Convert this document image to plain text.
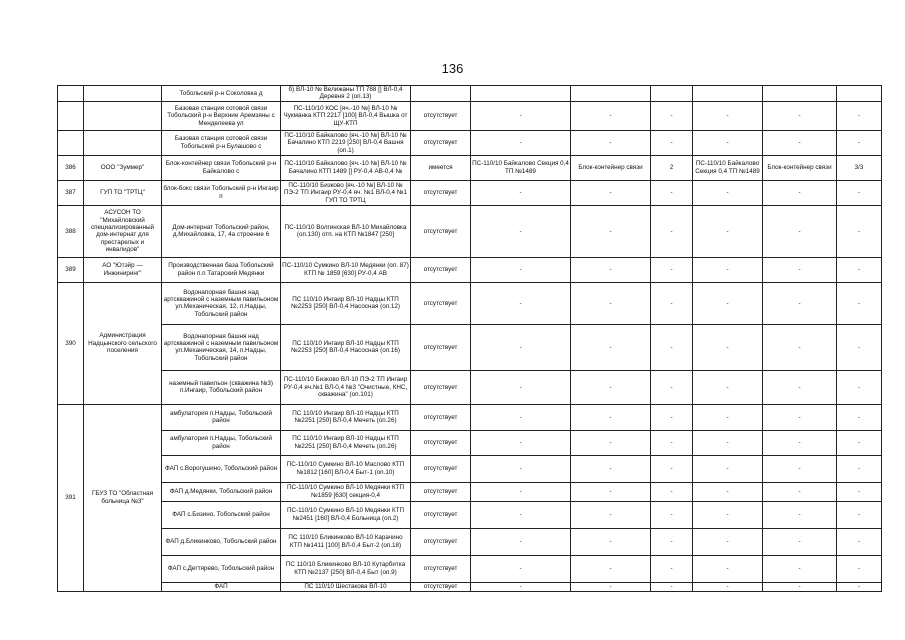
136
		Тобольский р-н Соколовка д	б) ВЛ-10 № Велижаны ТП 788 [] ВЛ-0,4 Деревня 2 (оп.13)							
		Базовая станция сотовой связи Тобольский р-н Верхние Аремзяны с Менделеева ул	ПС-110/10 КОС [яч.-10 №] ВЛ-10 № Чукманка КТП 2217 [100] ВЛ-0,4 Вышка от ЩУ-КТП	отсутствует	-	-	-	-	-	-
		Базовая станция сотовой связи Тобольский р-н Булашово с	ПС-110/10 Байкалово [яч.-10 №] ВЛ-10 № Бачалино КТП 2219 [250] ВЛ-0,4 Вашня (оп.1)	отсутствует	-	-	-	-	-	-
386	ООО "Зуммер"	Блок-контейнер связи Тобольский р-н Байкалово с	ПС-110/10 Байкалово [яч.-10 №] ВЛ-10 № Бачалино КТП 1489 [] РУ-0,4 АВ-0,4 №	имеется	ПС-110/10 Байкалово Секция 0,4 ТП №1489	Блок-контейнер связи	2	ПС-110/10 Байкалово Секция 0,4 ТП №1489	Блок-контейнер связи	3/3
387	ГУП ТО "ТРТЦ"	блок-бокс связи Тобольский р-н Ингаир п	ПС-110/10 Бизково [яч.-10 №] ВЛ-10 № ПЭ-2 ТП Ингаир РУ-0,4 яч. №1 ВЛ-0,4 №1 ГУП ТО ТРТЦ	отсутствует	-	-	-	-	-	-
388	АСУСОН ТО "Михайловский специализированный дом-интернат для престарелых и инвалидов"	Дом-интернат Тобольский район, д.Михайловка, 17, 4а строение 6	ПС-110/10 Волгинская ВЛ-10 Михайловка (оп.130) отп. на КТП №1847 [250]	отсутствует	-	-	-	-	-	-
389	АО "Ютэйр — Инжиниринг"	Производственная база Тобольский район п.п Татарский Медянки	ПС-110/10 Сумкино ВЛ-10 Медянки (оп. 87) КТП № 1859 [630] РУ-0,4 АВ	отсутствует	-	-	-	-	-	-
390	Администрация Надцынского сельского поселения	Водонапорная башня над артскважиной с наземным павильоном ул.Механическая, 12, п.Надцы, Тобольский район	ПС 110/10 Ингаир ВЛ-10 Надцы КТП №2253 [250] ВЛ-0,4 Насосная (оп.12)	отсутствует	-	-	-	-	-	-
		Водонапорная башня над артскважиной с наземным павильоном ул.Механическая, 14, п.Надцы, Тобольский район	ПС 110/10 Ингаир ВЛ-10 Надцы КТП №2253 [250] ВЛ-0,4 Насосная (оп.16)	отсутствует	-	-	-	-	-	-
		наземный павильон (скважина №3) п.Ингаир, Тобольский район	ПС-110/10 Бизково ВЛ-10 ПЭ-2 ТП Ингаир РУ-0,4 яч.№1 ВЛ-0,4 №3 "Очистные, КНС, скважина" (оп.101)	отсутствует	-	-	-	-	-	-
391	ГБУЗ ТО "Областная больница №3"	амбулатория п.Надцы, Тобольский район	ПС 110/10 Ингаир ВЛ-10 Надцы КТП №2251 [250] ВЛ-0,4 Мечеть (оп.26)	отсутствует	-	-	-	-	-	-
		амбулатория п.Надцы, Тобольский район	ПС 110/10 Ингаир ВЛ-10 Надцы КТП №2251 [250] ВЛ-0,4 Мечеть (оп.26)	отсутствует	-	-	-	-	-	-
		ФАП с.Ворогушино, Тобольский район	ПС-110/10 Сумкино ВЛ-10 Маслово КТП №1812 [160] ВЛ-0,4 Быт-1 (оп.10)	отсутствует	-	-	-	-	-	-
		ФАП д.Медянки, Тобольский район	ПС-110/10 Сумкино ВЛ-10 Медянки КТП №1859 [630] секция-0,4	отсутствует	-	-	-	-	-	-
		ФАП с.Бизино, Тобольский район	ПС-110/10 Сумкино ВЛ-10 Медянки КТП №2451 [160] ВЛ-0,4 Больница (оп.2)	отсутствует	-	-	-	-	-	-
		ФАП д.Бликинково, Тобольский район	ПС 110/10 Бликинково ВЛ-10 Карачино КТП №1411 [100] ВЛ-0,4 Быт-2 (оп.18)	отсутствует	-	-	-	-	-	-
		ФАП с.Дегтярево, Тобольский район	ПС 110/10 Бликинково ВЛ-10 Кутарбитка КТП №2137 [250] ВЛ-0,4 Быт (оп.9)	отсутствует	-	-	-	-	-	-
		ФАП	ПС 110/10 Шестакова ВЛ-10	отсутствует	-	-	-	-	-	-
